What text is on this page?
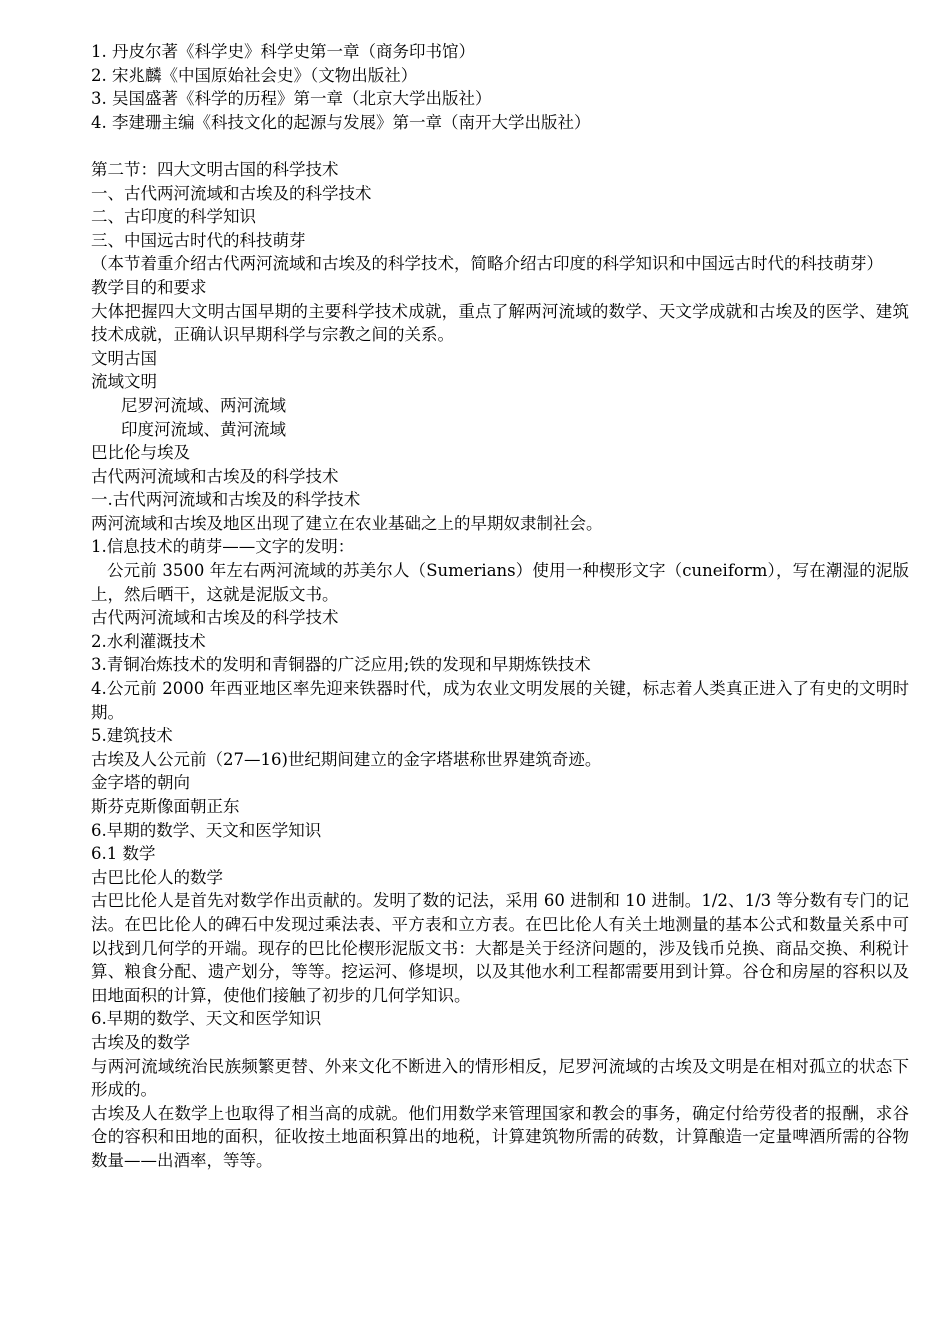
1. 丹皮尔著《科学史》科学史第一章（商务印书馆）
2. 宋兆麟《中国原始社会史》（文物出版社）
3. 吴国盛著《科学的历程》第一章（北京大学出版社）
4. 李建珊主编《科技文化的起源与发展》第一章（南开大学出版社）
第二节：四大文明古国的科学技术
一、古代两河流域和古埃及的科学技术
二、古印度的科学知识
三、中国远古时代的科技萌芽
（本节着重介绍古代两河流域和古埃及的科学技术，简略介绍古印度的科学知识和中国远古时代的科技萌芽）
教学目的和要求
大体把握四大文明古国早期的主要科学技术成就，重点了解两河流域的数学、天文学成就和古埃及的医学、建筑技术成就，正确认识早期科学与宗教之间的关系。
文明古国
流域文明
尼罗河流域、两河流域
印度河流域、黄河流域
巴比伦与埃及
古代两河流域和古埃及的科学技术
一.古代两河流域和古埃及的科学技术
两河流域和古埃及地区出现了建立在农业基础之上的早期奴隶制社会。
1.信息技术的萌芽——文字的发明：
公元前 3500 年左右两河流域的苏美尔人（Sumerians）使用一种楔形文字（cuneiform），写在潮湿的泥版上，然后晒干，这就是泥版文书。
古代两河流域和古埃及的科学技术
2.水利灌溉技术
3.青铜冶炼技术的发明和青铜器的广泛应用;铁的发现和早期炼铁技术
4.公元前 2000 年西亚地区率先迎来铁器时代，成为农业文明发展的关键，标志着人类真正进入了有史的文明时期。
5.建筑技术
古埃及人公元前（27—16)世纪期间建立的金字塔堪称世界建筑奇迹。
金字塔的朝向
斯芬克斯像面朝正东
6.早期的数学、天文和医学知识
6.1 数学
古巴比伦人的数学
古巴比伦人是首先对数学作出贡献的。发明了数的记法，采用 60 进制和 10 进制。1/2、1/3 等分数有专门的记法。在巴比伦人的碑石中发现过乘法表、平方表和立方表。在巴比伦人有关土地测量的基本公式和数量关系中可以找到几何学的开端。现存的巴比伦楔形泥版文书：大都是关于经济问题的，涉及钱币兑换、商品交换、利税计算、粮食分配、遗产划分，等等。挖运河、修堤坝，以及其他水利工程都需要用到计算。谷仓和房屋的容积以及田地面积的计算，使他们接触了初步的几何学知识。
6.早期的数学、天文和医学知识
古埃及的数学
与两河流域统治民族频繁更替、外来文化不断进入的情形相反，尼罗河流域的古埃及文明是在相对孤立的状态下形成的。
古埃及人在数学上也取得了相当高的成就。他们用数学来管理国家和教会的事务，确定付给劳役者的报酬，求谷仓的容积和田地的面积，征收按土地面积算出的地税，计算建筑物所需的砖数，计算酿造一定量啤酒所需的谷物数量——出酒率，等等。
